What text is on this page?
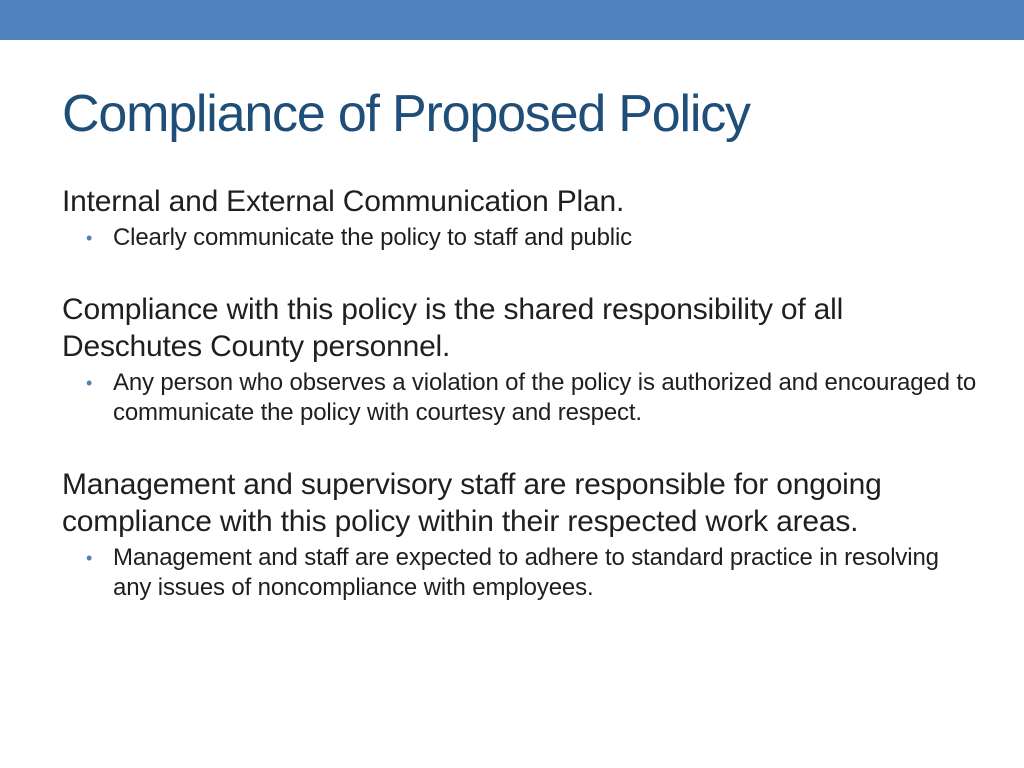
Compliance of Proposed Policy

Internal and External Communication Plan.

• Clearly communicate the policy to staff and public

Compliance with this policy is the shared responsibility of all Deschutes County personnel.

• Any person who observes a violation of the policy is authorized and encouraged to communicate the policy with courtesy and respect.

Management and supervisory staff are responsible for ongoing compliance with this policy within their respected work areas.

• Management and staff are expected to adhere to standard practice in resolving any issues of noncompliance with employees.
